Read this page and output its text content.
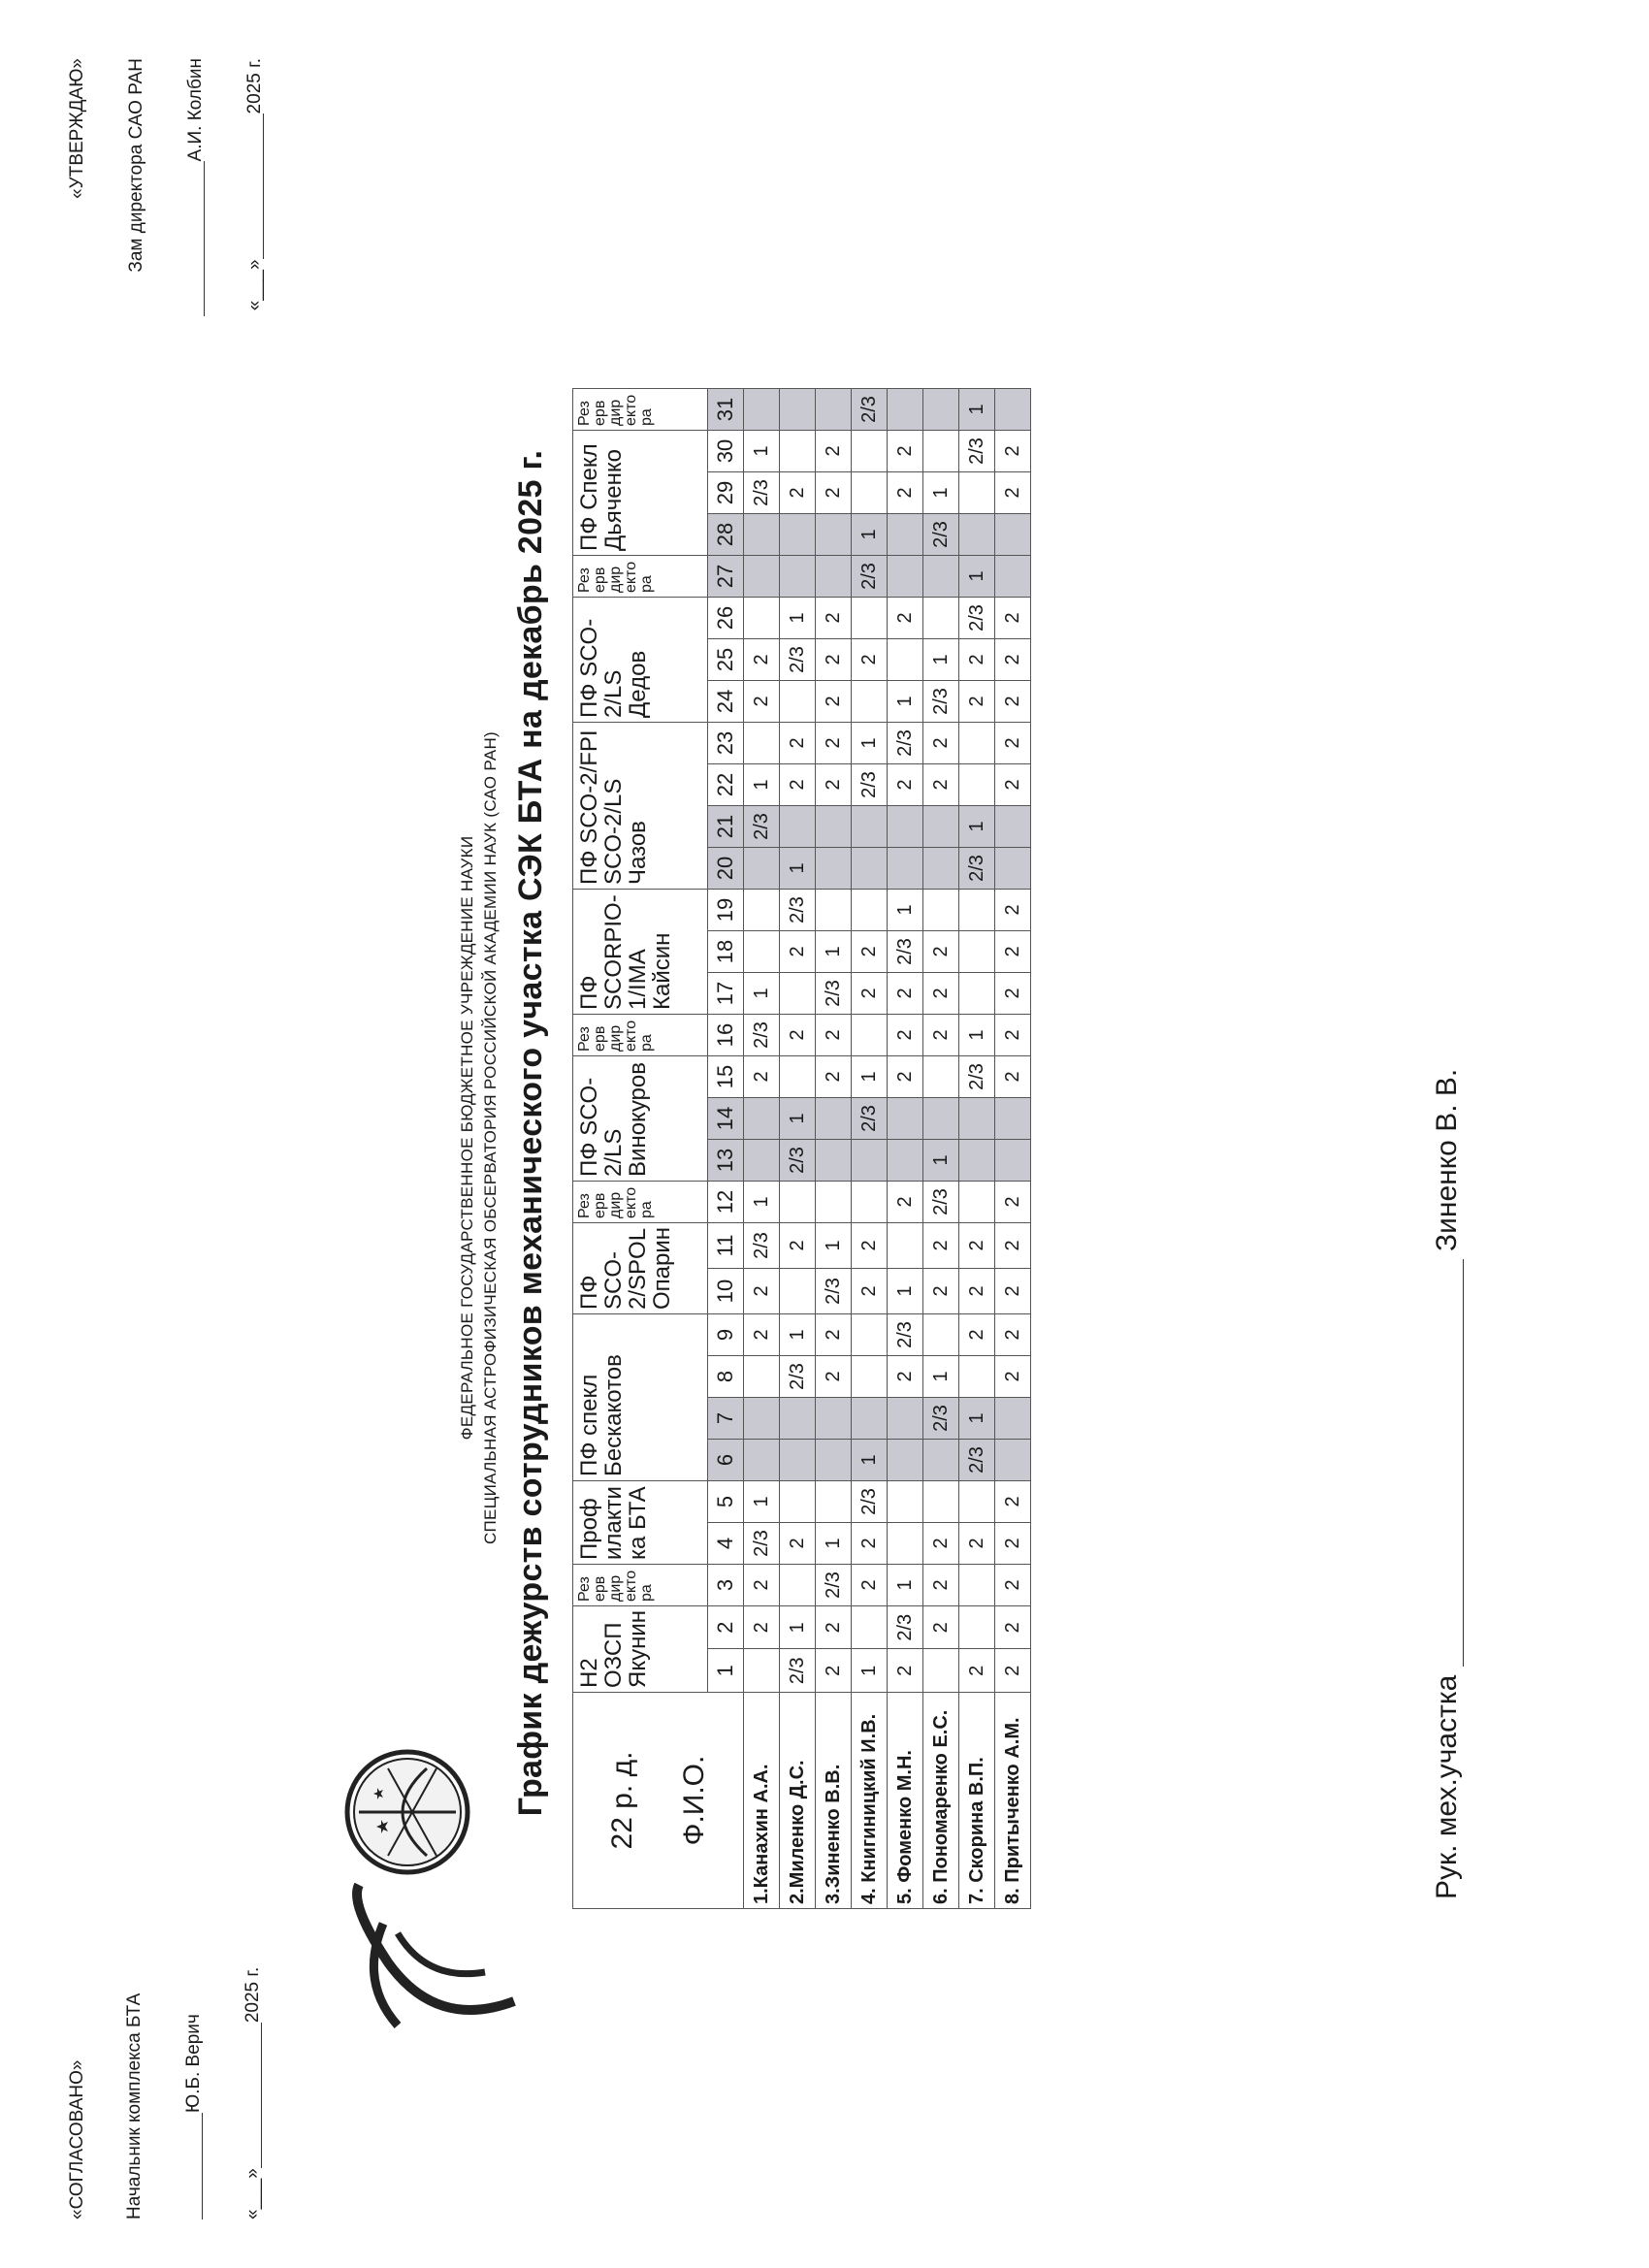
«СОГЛАСОВАНО» Начальник комплекса БТА Ю.Б. Верич
«___»2025 г.
«УТВЕРЖДАЮ» Зам директора САО РАН А.И. Колбин
«___»2025 г.
ФЕДЕРАЛЬНОЕ ГОСУДАРСТВЕННОЕ БЮДЖЕТНОЕ УЧРЕЖДЕНИЕ НАУКИ СПЕЦИАЛЬНАЯ АСТРОФИЗИЧЕСКАЯ ОБСЕРВАТОРИЯ РОССИЙСКОЙ АКАДЕМИИ НАУК (САО РАН) График дежурств сотрудников механического участка СЭК БТА на декабрь 2025 г. 22 р. д. Ф.И.О.	Н2 ОЗСП Якунин		Рез ерв дир екто ра	Проф илакти ка БТА		ПФ спекл Бескакотов				ПФ SCO-2/SPOL Опарин		Рез ерв дир екто ра	ПФ SCO-2/LS Винокуров			Рез ерв дир екто ра	ПФ SCORPIO-1/IMA Кайсин			ПФ SCO-2/FPI SCO-2/LS Чазов				ПФ SCO-2/LS Дедов			Рез ерв дир екто ра	ПФ Спекл Дьяченко			Рез ерв дир екто ра
	1	2	3	4	5	6	7	8	9	10	11	12	13	14	15	16	17	18	19	20	21	22	23	24	25	26	27	28	29	30	31
1.Канахин А.А.		2	2	2/3	1				2	2	2/3	1			2	2/3	1				2/3	1		2	2				2/3	1	
2.Миленко Д.С.	2/3	1		2				2/3	1		2		2/3	1		2		2	2/3	1		2	2		2/3	1			2		
3.Зиненко В.В.	2	2	2/3	1				2	2	2/3	1				2	2	2/3	1				2	2	2	2	2			2	2	
4. Книгиницкий И.В.	1		2	2	2/3	1				2	2			2/3	1		2	2				2/3	1		2		2/3	1			2/3
5. Фоменко М.Н.	2	2/3	1					2	2/3	1		2			2	2	2	2/3	1			2	2/3	1		2			2	2	
6. Пономаренко Е.С.		2	2	2			2/3	1		2	2	2/3	1			2	2	2				2	2	2/3	1			2/3	1		
7. Скорина В.П.	2			2		2/3	1		2	2	2				2/3	1				2/3	1			2	2	2/3	1			2/3	1
8. Притыченко А.М.	2	2	2	2	2			2	2	2	2	2			2	2	2	2	2			2	2	2	2	2			2	2	
Рук. мех.участка  Зиненко В. В.
